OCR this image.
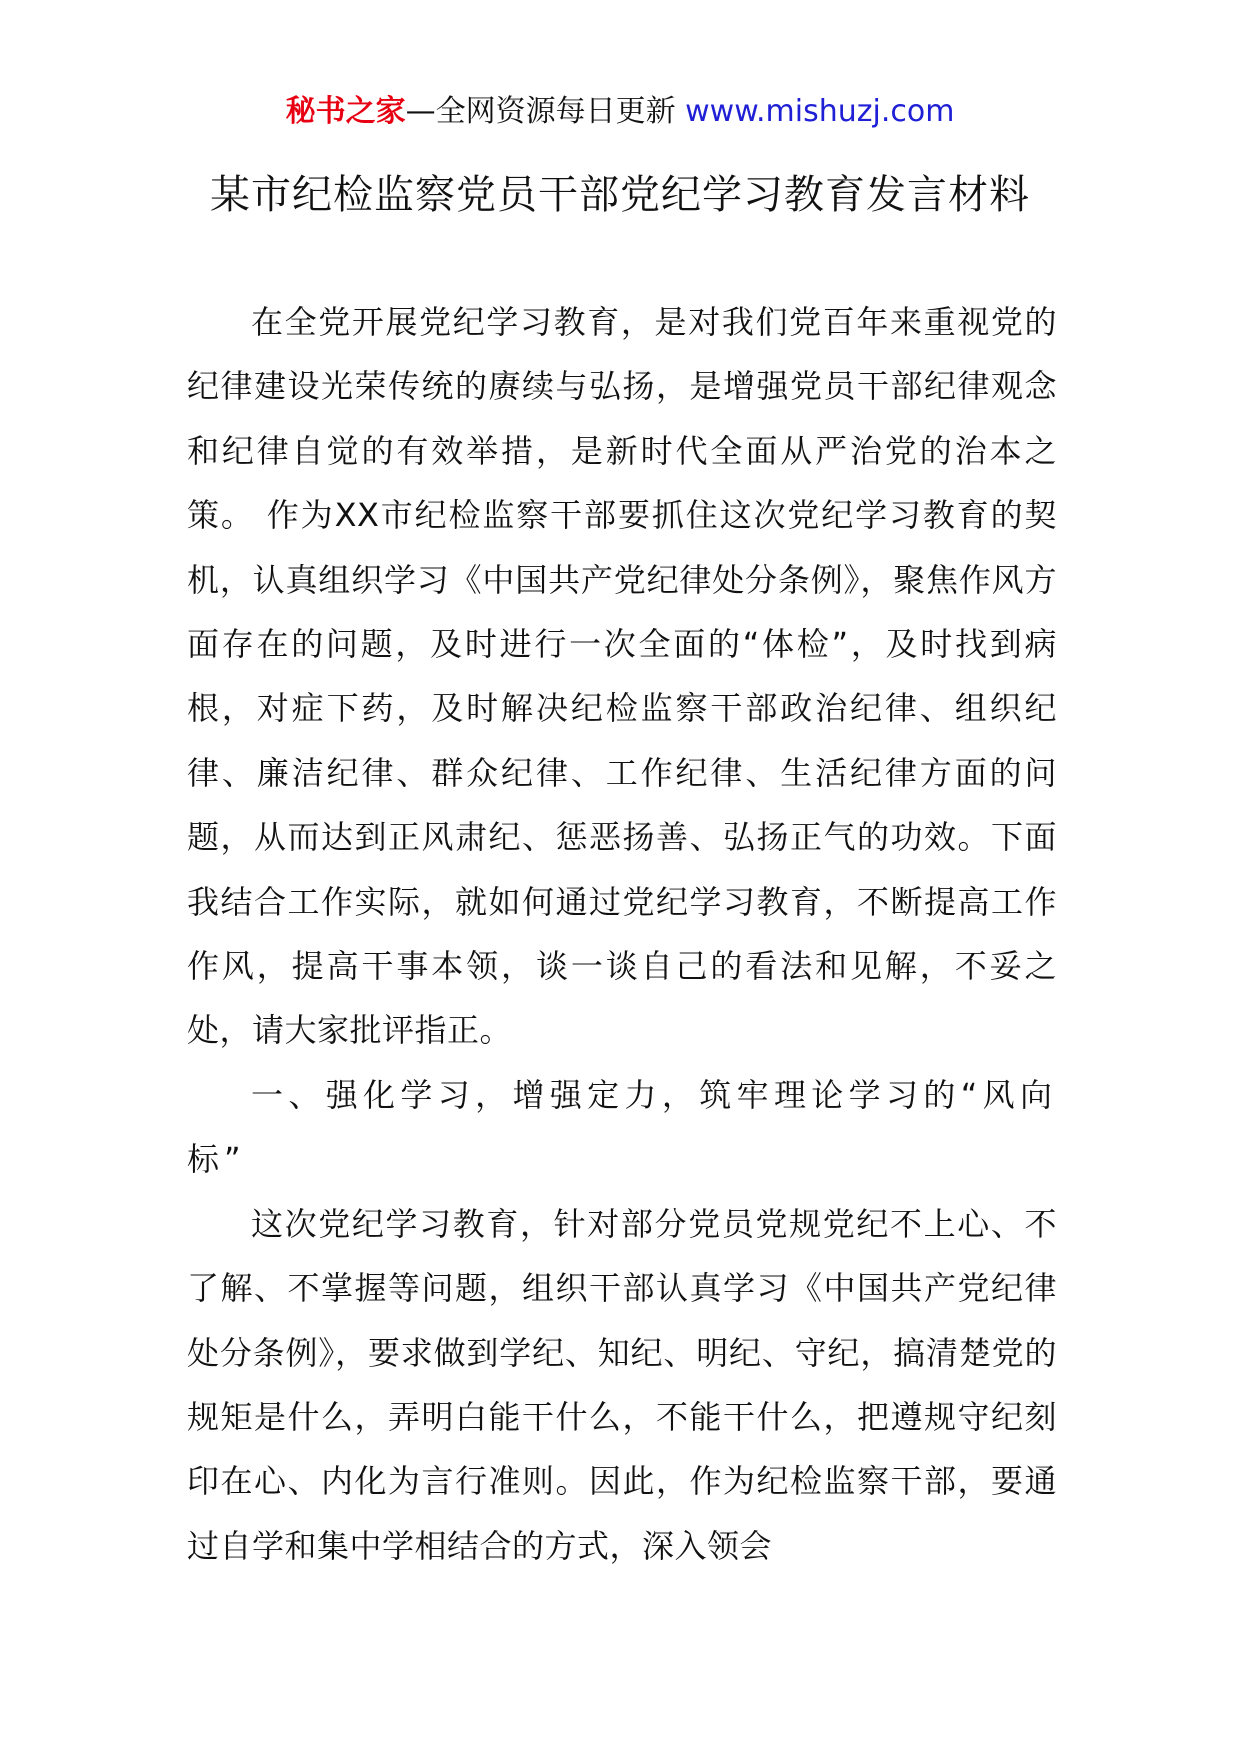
秘书之家—全网资源每日更新 www.mishuzj.com
某市纪检监察党员干部党纪学习教育发言材料

在全党开展党纪学习教育，是对我们党百年来重视党的纪律建设光荣传统的赓续与弘扬，是增强党员干部纪律观念和纪律自觉的有效举措，是新时代全面从严治党的治本之策。 作为XX市纪检监察干部要抓住这次党纪学习教育的契机，认真组织学习《中国共产党纪律处分条例》，聚焦作风方面存在的问题，及时进行一次全面的“体检”，及时找到病根，对症下药，及时解决纪检监察干部政治纪律、组织纪律、廉洁纪律、群众纪律、工作纪律、生活纪律方面的问题，从而达到正风肃纪、惩恶扬善、弘扬正气的功效。下面我结合工作实际，就如何通过党纪学习教育，不断提高工作作风，提高干事本领，谈一谈自己的看法和见解，不妥之处，请大家批评指正。

一、强化学习，增强定力，筑牢理论学习的“风向标”

这次党纪学习教育，针对部分党员党规党纪不上心、不了解、不掌握等问题，组织干部认真学习《中国共产党纪律处分条例》，要求做到学纪、知纪、明纪、守纪，搞清楚党的规矩是什么，弄明白能干什么，不能干什么，把遵规守纪刻印在心、内化为言行准则。因此，作为纪检监察干部，要通过自学和集中学相结合的方式，深入领会
